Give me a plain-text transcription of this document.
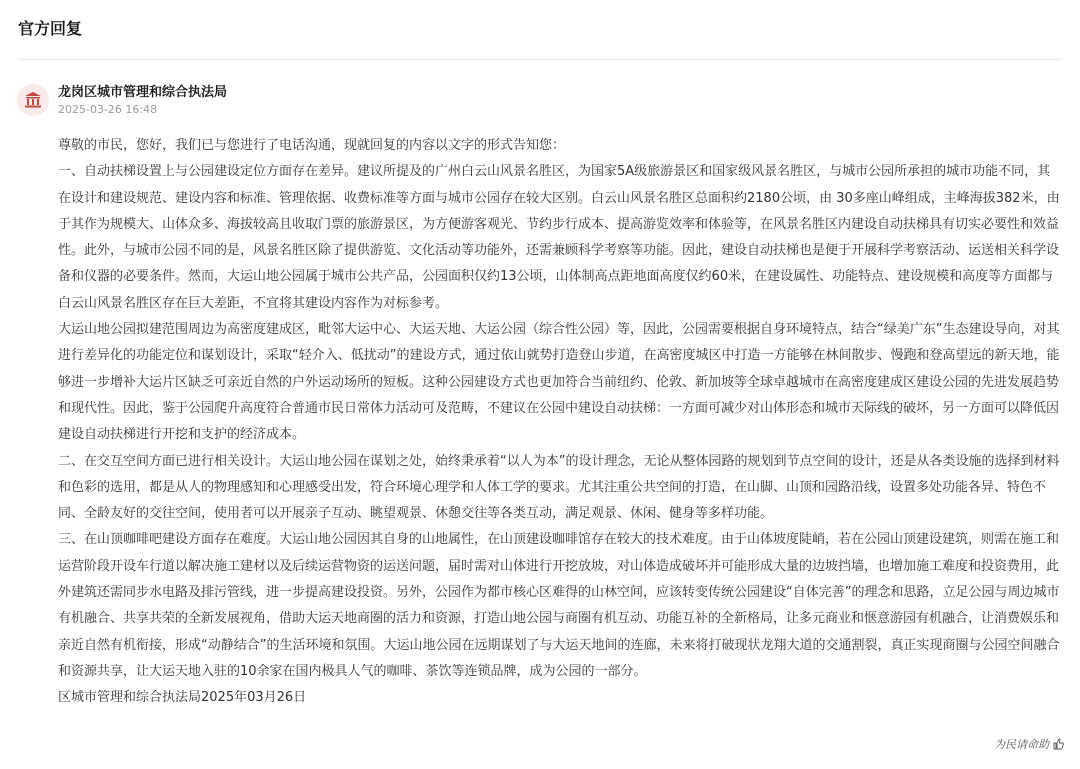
官方回复
龙岗区城市管理和综合执法局
2025-03-26 16:48

尊敬的市民，您好，我们已与您进行了电话沟通，现就回复的内容以文字的形式告知您：

一、自动扶梯设置上与公园建设定位方面存在差异。建议所提及的广州白云山风景名胜区，为国家5A级旅游景区和国家级风景名胜区，与城市公园所承担的城市功能不同，其在设计和建设规范、建设内容和标准、管理依据、收费标准等方面与城市公园存在较大区别。白云山风景名胜区总面积约2180公顷，由 30多座山峰组成，主峰海拔382米，由于其作为规模大、山体众多、海拔较高且收取门票的旅游景区，为方便游客观光、节约步行成本、提高游览效率和体验等，在风景名胜区内建设自动扶梯具有切实必要性和效益性。此外，与城市公园不同的是，风景名胜区除了提供游览、文化活动等功能外，还需兼顾科学考察等功能。因此，建设自动扶梯也是便于开展科学考察活动、运送相关科学设备和仪器的必要条件。然而，大运山地公园属于城市公共产品，公园面积仅约13公顷，山体制高点距地面高度仅约60米，在建设属性、功能特点、建设规模和高度等方面都与白云山风景名胜区存在巨大差距，不宜将其建设内容作为对标参考。

大运山地公园拟建范围周边为高密度建成区，毗邻大运中心、大运天地、大运公园（综合性公园）等，因此，公园需要根据自身环境特点，结合“绿美广东”生态建设导向，对其进行差异化的功能定位和谋划设计，采取“轻介入、低扰动”的建设方式，通过依山就势打造登山步道，在高密度城区中打造一方能够在林间散步、慢跑和登高望远的新天地，能够进一步增补大运片区缺乏可亲近自然的户外运动场所的短板。这种公园建设方式也更加符合当前纽约、伦敦、新加坡等全球卓越城市在高密度建成区建设公园的先进发展趋势和现代性。因此，鉴于公园爬升高度符合普通市民日常体力活动可及范畴，不建议在公园中建设自动扶梯：一方面可减少对山体形态和城市天际线的破坏，另一方面可以降低因建设自动扶梯进行开挖和支护的经济成本。

二、在交互空间方面已进行相关设计。大运山地公园在谋划之处，始终秉承着“以人为本”的设计理念，无论从整体园路的规划到节点空间的设计，还是从各类设施的选择到材料和色彩的选用，都是从人的物理感知和心理感受出发，符合环境心理学和人体工学的要求。尤其注重公共空间的打造，在山脚、山顶和园路沿线，设置多处功能各异、特色不同、全龄友好的交往空间，使用者可以开展亲子互动、眺望观景、休憩交往等各类互动，满足观景、休闲、健身等多样功能。

三、在山顶咖啡吧建设方面存在难度。大运山地公园因其自身的山地属性，在山顶建设咖啡馆存在较大的技术难度。由于山体坡度陡峭，若在公园山顶建设建筑，则需在施工和运营阶段开设车行道以解决施工建材以及后续运营物资的运送问题，届时需对山体进行开挖放坡，对山体造成破坏并可能形成大量的边坡挡墙，也增加施工难度和投资费用，此外建筑还需同步水电路及排污管线，进一步提高建设投资。另外，公园作为都市核心区难得的山林空间，应该转变传统公园建设“自体完善”的理念和思路，立足公园与周边城市有机融合、共享共荣的全新发展视角，借助大运天地商圈的活力和资源，打造山地公园与商圈有机互动、功能互补的全新格局，让多元商业和惬意游园有机融合，让消费娱乐和亲近自然有机衔接，形成“动静结合”的生活环境和氛围。大运山地公园在远期谋划了与大运天地间的连廊，未来将打破现状龙翔大道的交通割裂，真正实现商圈与公园空间融合和资源共享，让大运天地入驻的10余家在国内极具人气的咖啡、茶饮等连锁品牌，成为公园的一部分。

区城市管理和综合执法局2025年03月26日

为民请命助
